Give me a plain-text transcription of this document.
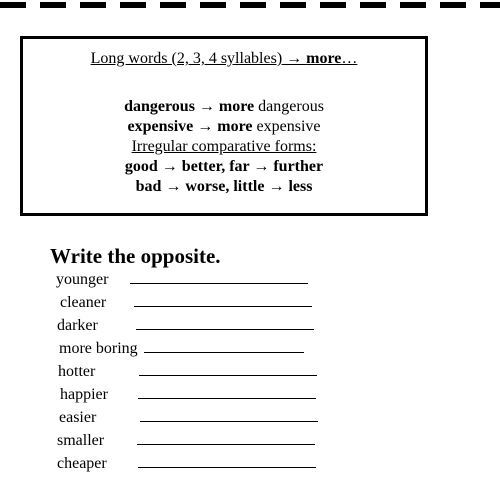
Long words (2, 3, 4 syllables) → more…
dangerous → more dangerous
expensive → more expensive
Irregular comparative forms:
good → better, far → further
bad → worse, little → less
Write the opposite.
younger
cleaner
darker
more boring
hotter
happier
easier
smaller
cheaper
